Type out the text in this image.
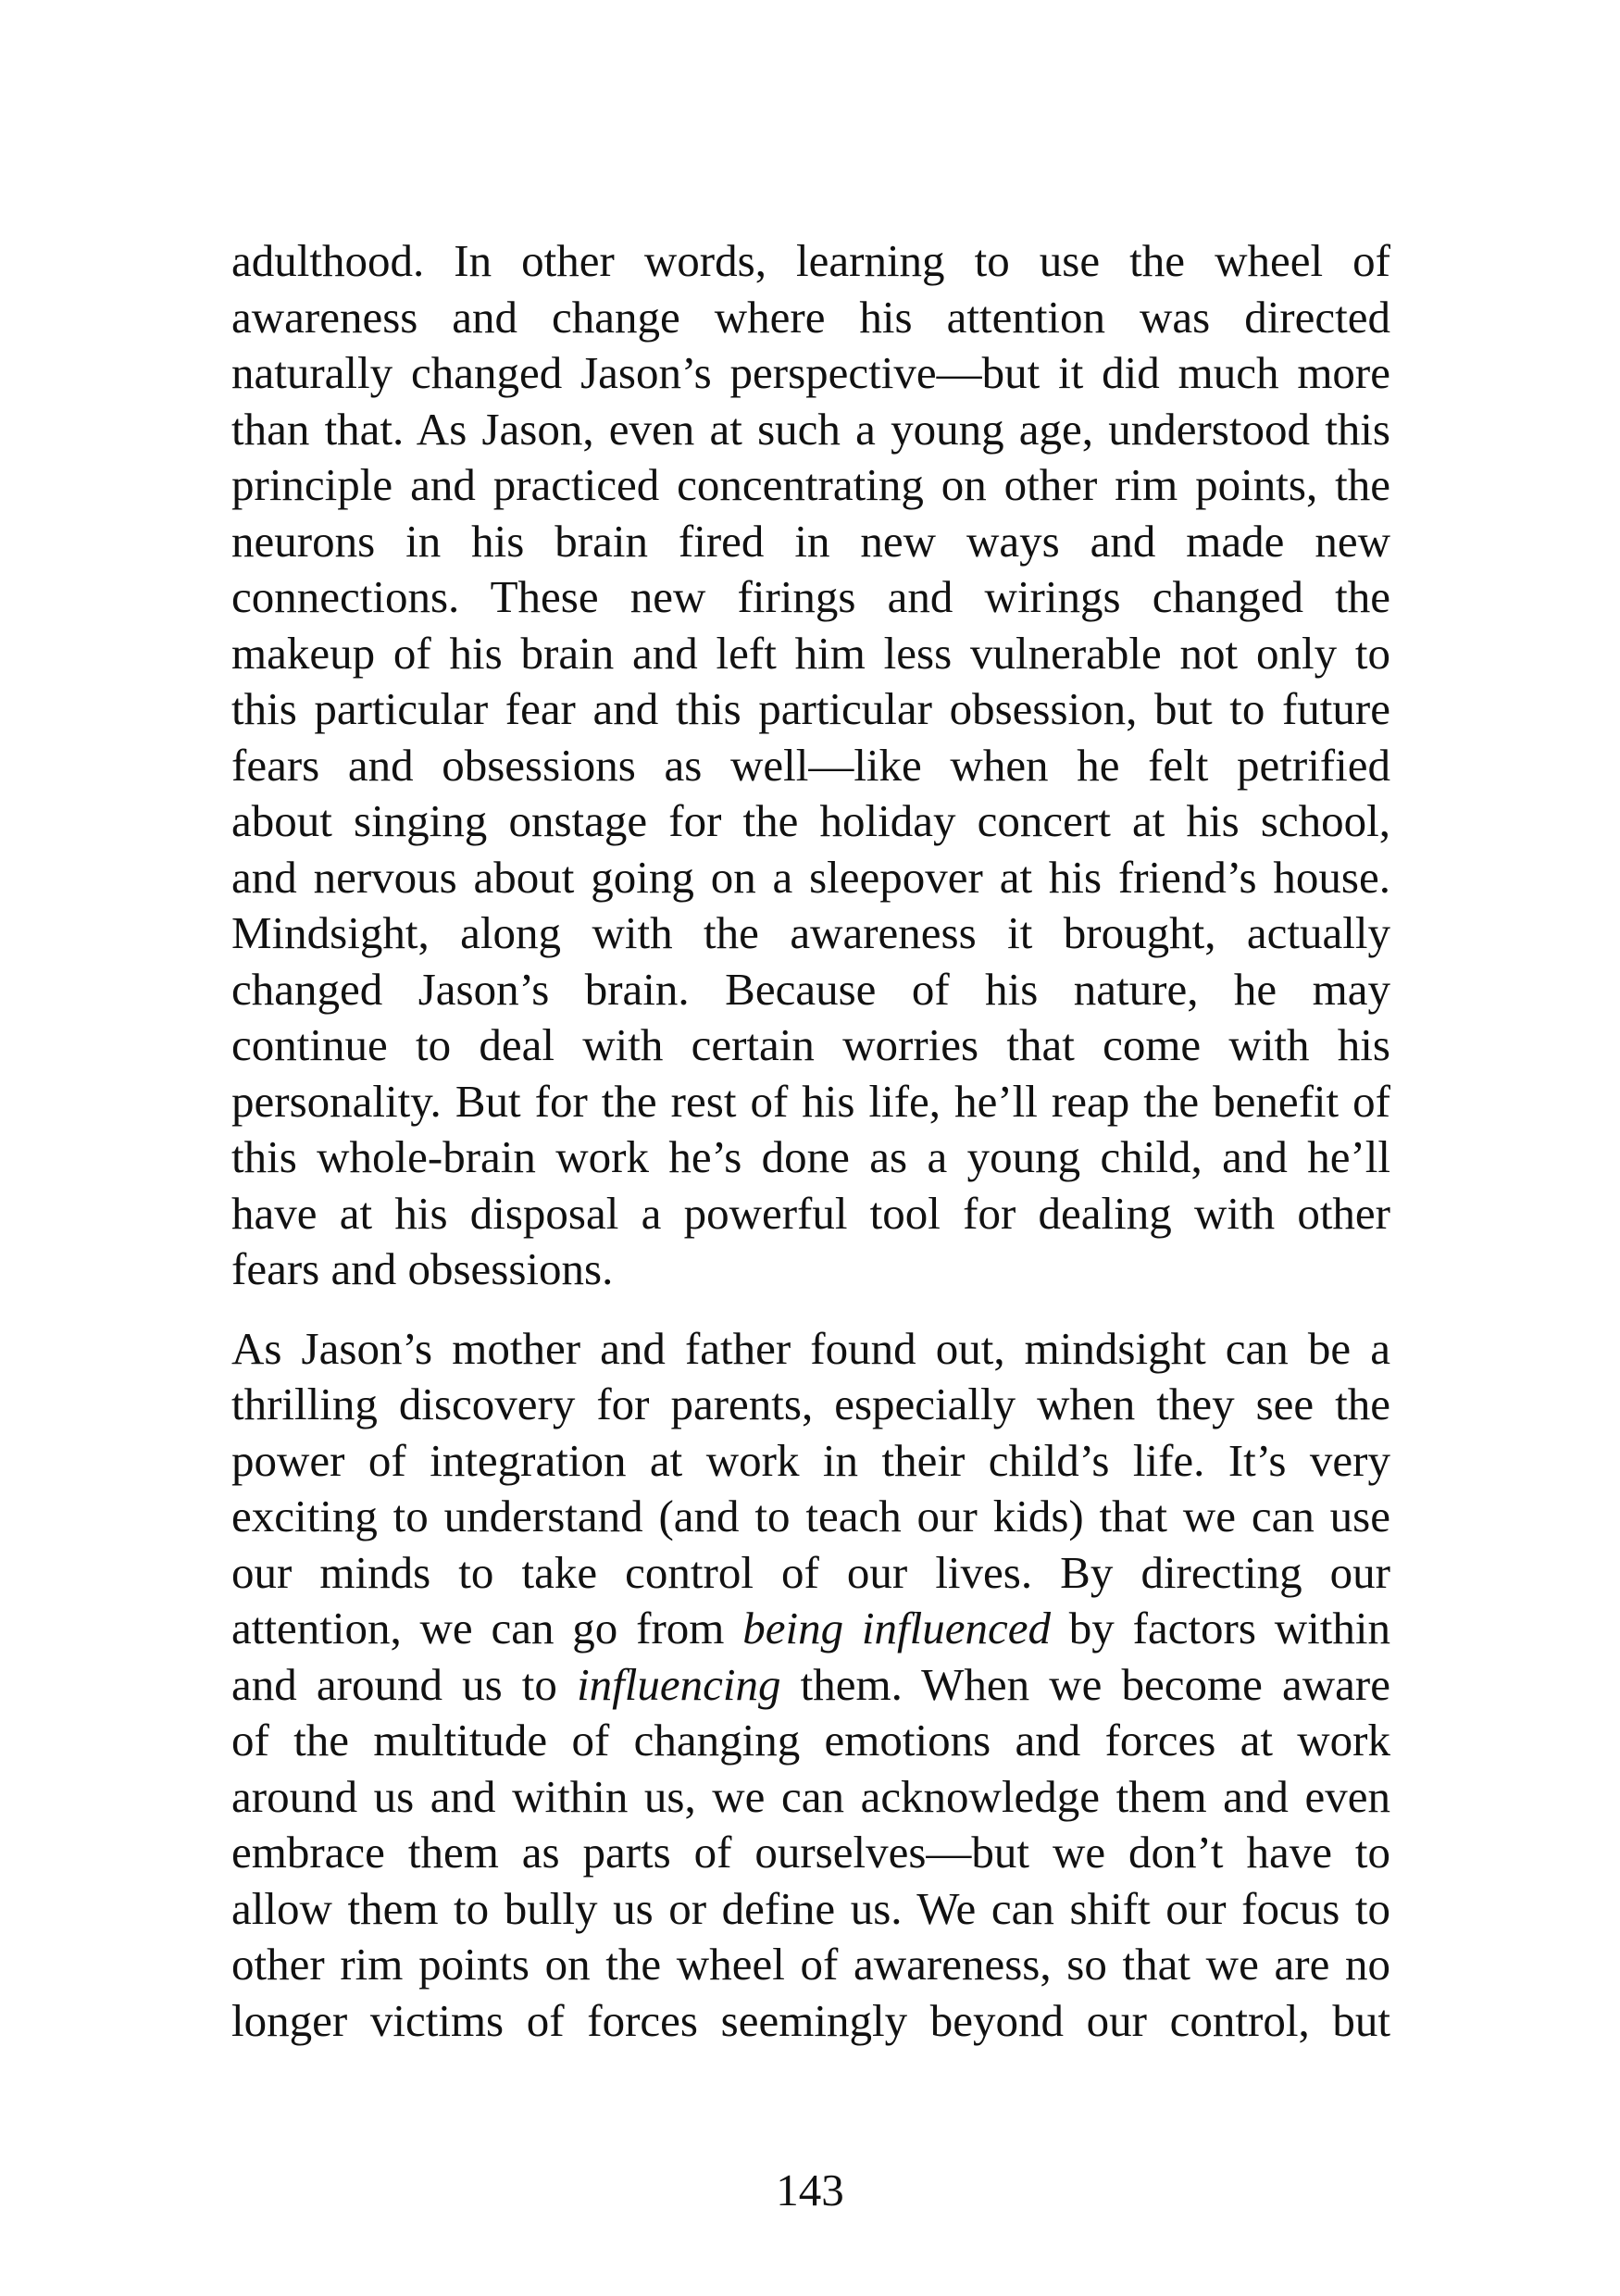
adulthood. In other words, learning to use the wheel of
awareness and change where his attention was directed
naturally changed Jason’s perspective—but it did much more
than that. As Jason, even at such a young age, understood this
principle and practiced concentrating on other rim points, the
neurons in his brain fired in new ways and made new
connections. These new firings and wirings changed the
makeup of his brain and left him less vulnerable not only to
this particular fear and this particular obsession, but to future
fears and obsessions as well—like when he felt petrified
about singing onstage for the holiday concert at his school,
and nervous about going on a sleepover at his friend’s house.
Mindsight, along with the awareness it brought, actually
changed Jason’s brain. Because of his nature, he may
continue to deal with certain worries that come with his
personality. But for the rest of his life, he’ll reap the benefit of
this whole-brain work he’s done as a young child, and he’ll
have at his disposal a powerful tool for dealing with other
fears and obsessions.

As Jason’s mother and father found out, mindsight can be a
thrilling discovery for parents, especially when they see the
power of integration at work in their child’s life. It’s very
exciting to understand (and to teach our kids) that we can use
our minds to take control of our lives. By directing our
attention, we can go from being influenced by factors within
and around us to influencing them. When we become aware
of the multitude of changing emotions and forces at work
around us and within us, we can acknowledge them and even
embrace them as parts of ourselves—but we don’t have to
allow them to bully us or define us. We can shift our focus to
other rim points on the wheel of awareness, so that we are no
longer victims of forces seemingly beyond our control, but

143
